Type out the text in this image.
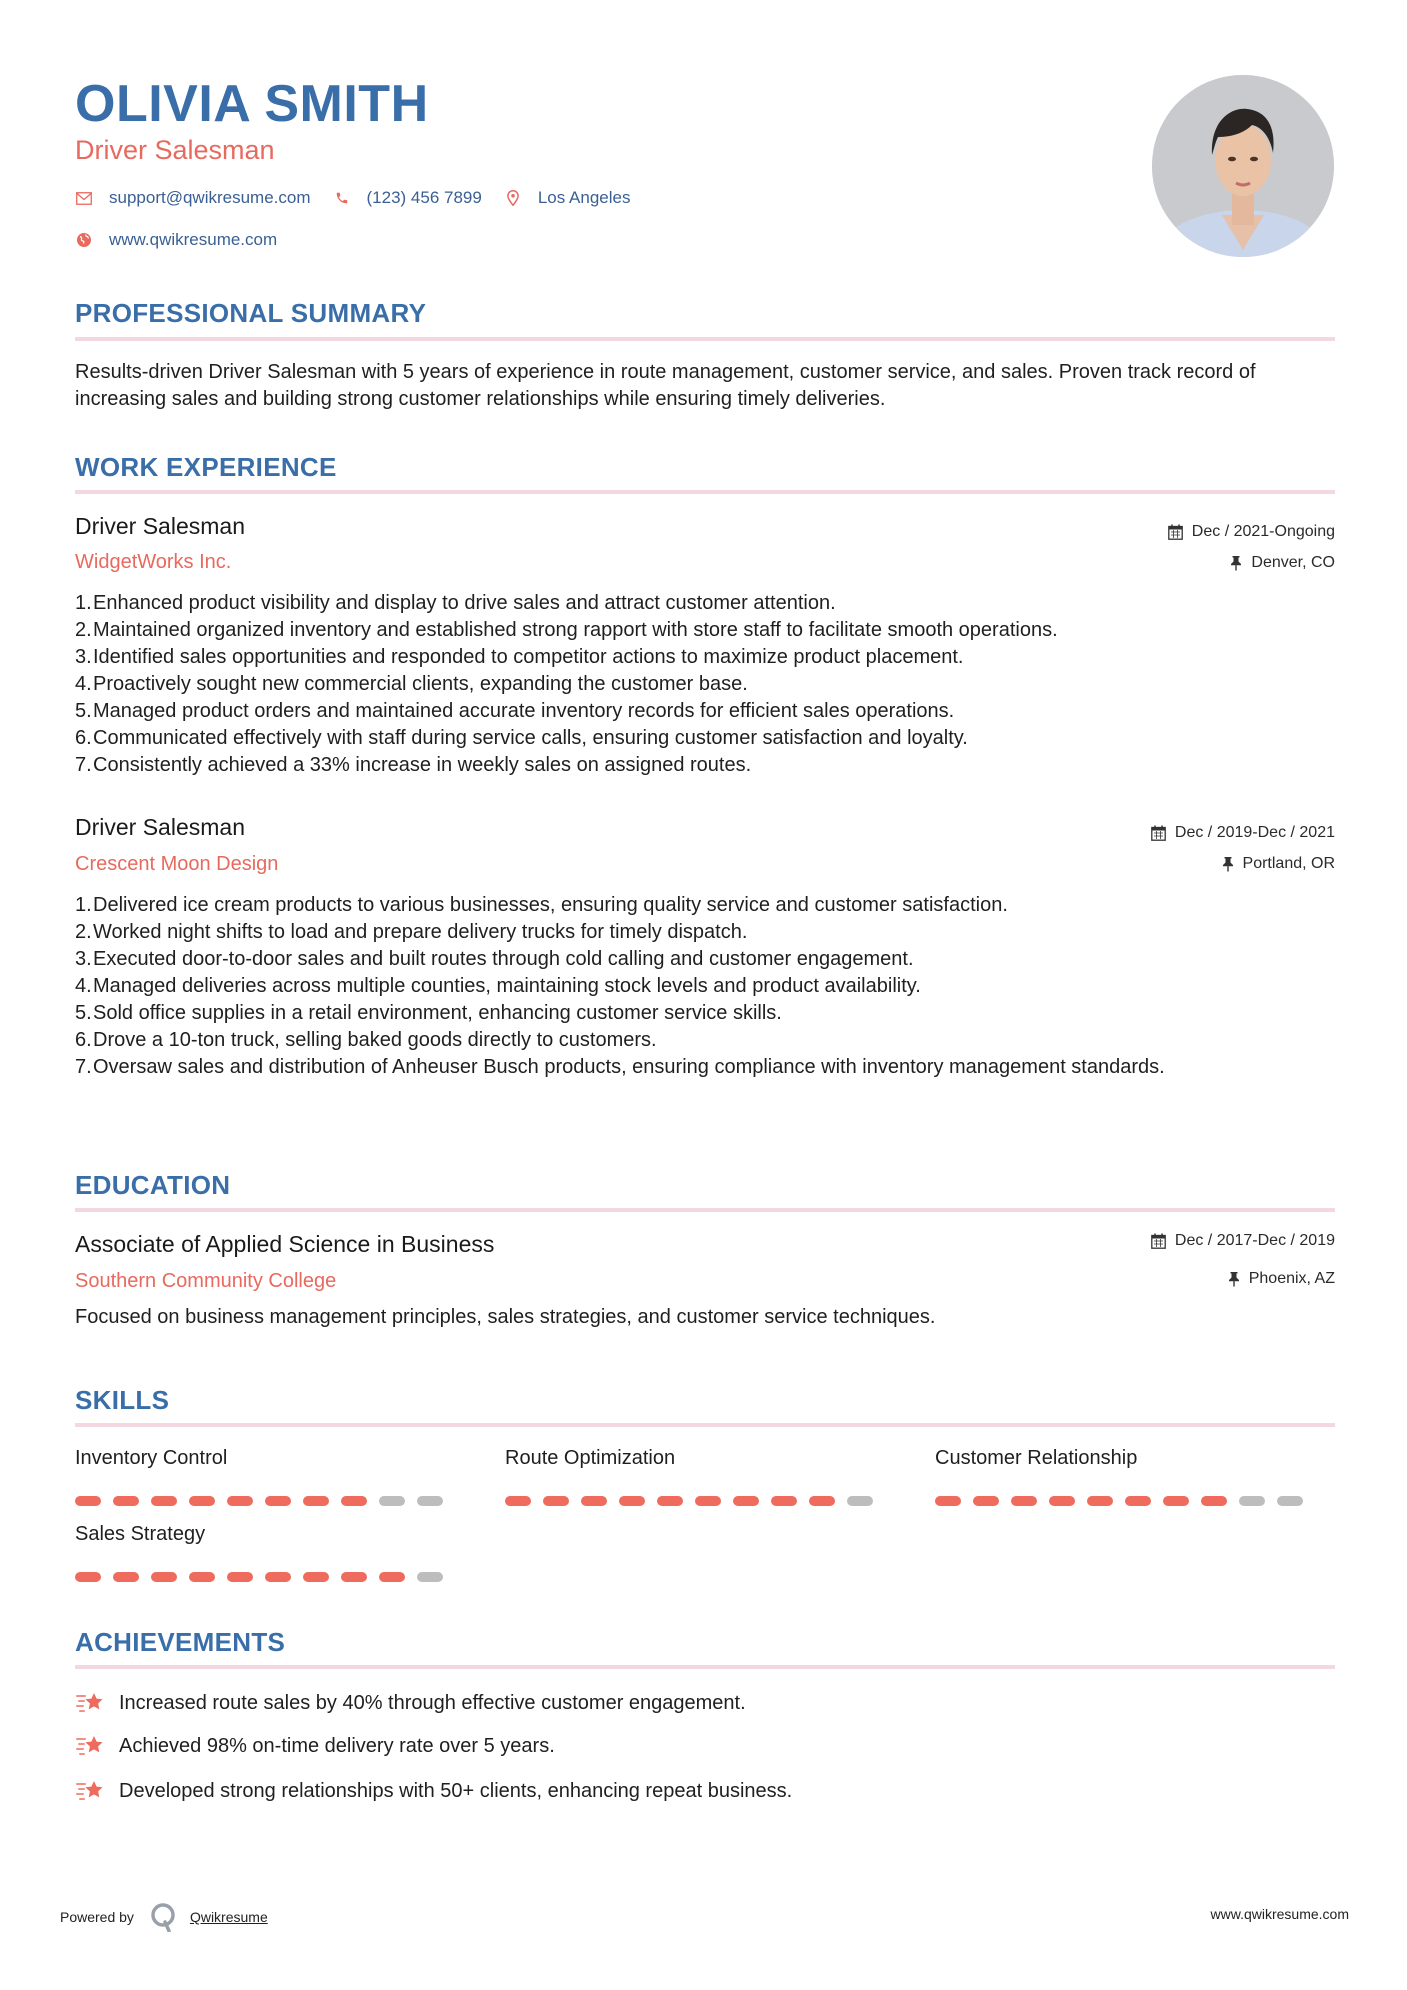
OLIVIA SMITH
Driver Salesman
support@qwikresume.com	(123) 456 7899	Los Angeles
www.qwikresume.com
PROFESSIONAL SUMMARY
Results-driven Driver Salesman with 5 years of experience in route management, customer service, and sales. Proven track record of increasing sales and building strong customer relationships while ensuring timely deliveries.
WORK EXPERIENCE
Driver Salesman
WidgetWorks Inc.
Dec / 2021-Ongoing
Denver, CO
1. Enhanced product visibility and display to drive sales and attract customer attention.
2. Maintained organized inventory and established strong rapport with store staff to facilitate smooth operations.
3. Identified sales opportunities and responded to competitor actions to maximize product placement.
4. Proactively sought new commercial clients, expanding the customer base.
5. Managed product orders and maintained accurate inventory records for efficient sales operations.
6. Communicated effectively with staff during service calls, ensuring customer satisfaction and loyalty.
7. Consistently achieved a 33% increase in weekly sales on assigned routes.
Driver Salesman
Crescent Moon Design
Dec / 2019-Dec / 2021
Portland, OR
1. Delivered ice cream products to various businesses, ensuring quality service and customer satisfaction.
2. Worked night shifts to load and prepare delivery trucks for timely dispatch.
3. Executed door-to-door sales and built routes through cold calling and customer engagement.
4. Managed deliveries across multiple counties, maintaining stock levels and product availability.
5. Sold office supplies in a retail environment, enhancing customer service skills.
6. Drove a 10-ton truck, selling baked goods directly to customers.
7. Oversaw sales and distribution of Anheuser Busch products, ensuring compliance with inventory management standards.
EDUCATION
Associate of Applied Science in Business
Southern Community College
Dec / 2017-Dec / 2019
Phoenix, AZ
Focused on business management principles, sales strategies, and customer service techniques.
SKILLS
Inventory Control	Route Optimization	Customer Relationship
Sales Strategy
ACHIEVEMENTS
Increased route sales by 40% through effective customer engagement.
Achieved 98% on-time delivery rate over 5 years.
Developed strong relationships with 50+ clients, enhancing repeat business.
Powered by	Qwikresume	www.qwikresume.com
